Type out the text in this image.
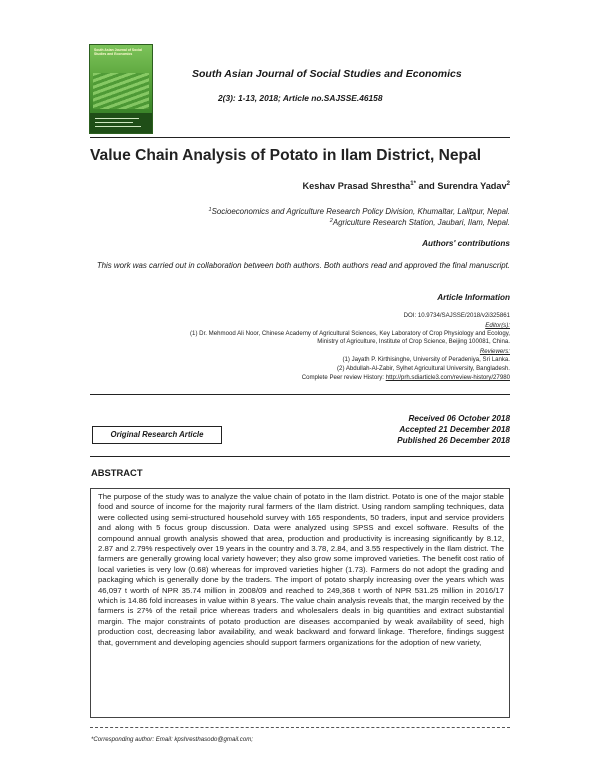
South Asian Journal of Social Studies and Economics
South Asian Journal of Social Studies and Economics
2(3): 1-13, 2018; Article no.SAJSSE.46158
Value Chain Analysis of Potato in Ilam District, Nepal
Keshav Prasad Shrestha$^{1*}$ and Surendra Yadav$^2$
$^1$Socioeconomics and Agriculture Research Policy Division, Khumaltar, Lalitpur, Nepal.
$^2$Agriculture Research Station, Jaubari, Ilam, Nepal.
Authors' contributions
This work was carried out in collaboration between both authors. Both authors read and approved the final manuscript.
Article Information
DOI: 10.9734/SAJSSE/2018/v2i325861
Editor(s):
(1) Dr. Mehmood Ali Noor, Chinese Academy of Agricultural Sciences, Key Laboratory of Crop Physiology and Ecology,
Ministry of Agriculture, Institute of Crop Science, Beijing 100081, China.
Reviewers:
(1) Jayath P. Kirthisinghe, University of Peradeniya, Sri Lanka.
(2) Abdullah-Al-Zabir, Sylhet Agricultural University, Bangladesh.
Complete Peer review History: http://prh.sdiarticle3.com/review-history/27980
Received 06 October 2018
Accepted 21 December 2018
Published 26 December 2018
Original Research Article
ABSTRACT
The purpose of the study was to analyze the value chain of potato in the Ilam district. Potato is one of the major stable food and source of income for the majority rural farmers of the Ilam district. Using random sampling techniques, data were collected using semi-structured household survey with 165 respondents, 50 traders, input and service providers and along with 5 focus group discussion. Data were analyzed using SPSS and excel software. Results of the compound annual growth analysis showed that area, production and productivity is increasing significantly by 8.12, 2.87 and 2.79% respectively over 19 years in the country and 3.78, 2.84, and 3.55 respectively in the Ilam district. The farmers are generally growing local variety however; they also grow some improved varieties. The benefit cost ratio of local varieties is very low (0.68) whereas for improved varieties higher (1.73). Farmers do not adopt the grading and packaging which is generally done by the traders. The import of potato sharply increasing over the years which was 46,097 t worth of NPR 35.74 million in 2008/09 and reached to 249,368 t worth of NPR 531.25 million in 2016/17 which is 14.86 fold increases in value within 8 years. The value chain analysis reveals that, the margin received by the farmers is 27% of the retail price whereas traders and wholesalers deals in big quantities and extract substantial margin. The major constraints of potato production are diseases accompanied by weak availability of seed, high production cost, decreasing labor availability, and weak backward and forward linkage. Therefore, findings suggest that, government and developing agencies should support farmers organizations for the adoption of new variety,
*Corresponding author: Email: kpshresthasodo@gmail.com;
